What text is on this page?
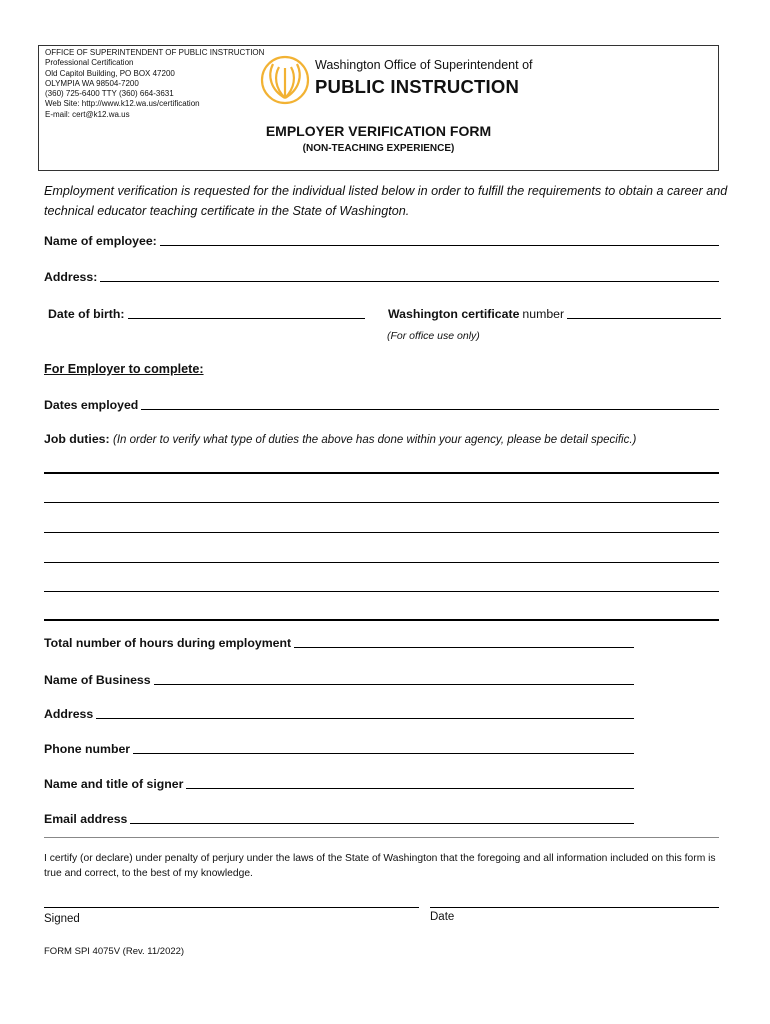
OFFICE OF SUPERINTENDENT OF PUBLIC INSTRUCTION
Professional Certification
Old Capitol Building, PO BOX 47200
OLYMPIA WA 98504-7200
(360) 725-6400 TTY (360) 664-3631
Web Site: http://www.k12.wa.us/certification
E-mail: cert@k12.wa.us
Washington Office of Superintendent of
PUBLIC INSTRUCTION
EMPLOYER VERIFICATION FORM
(NON-TEACHING EXPERIENCE)
Employment verification is requested for the individual listed below in order to fulfill the requirements to obtain a career and technical educator teaching certificate in the State of Washington.
Name of employee:
Address:
Date of birth:	Washington certificate number
(For office use only)
For Employer to complete:
Dates employed
Job duties: (In order to verify what type of duties the above has done within your agency, please be detail specific.)
Total number of hours during employment
Name of Business
Address
Phone number
Name and title of signer
Email address
I certify (or declare) under penalty of perjury under the laws of the State of Washington that the foregoing and all information included on this form is true and correct, to the best of my knowledge.
Signed	Date
FORM SPI 4075V (Rev. 11/2022)
